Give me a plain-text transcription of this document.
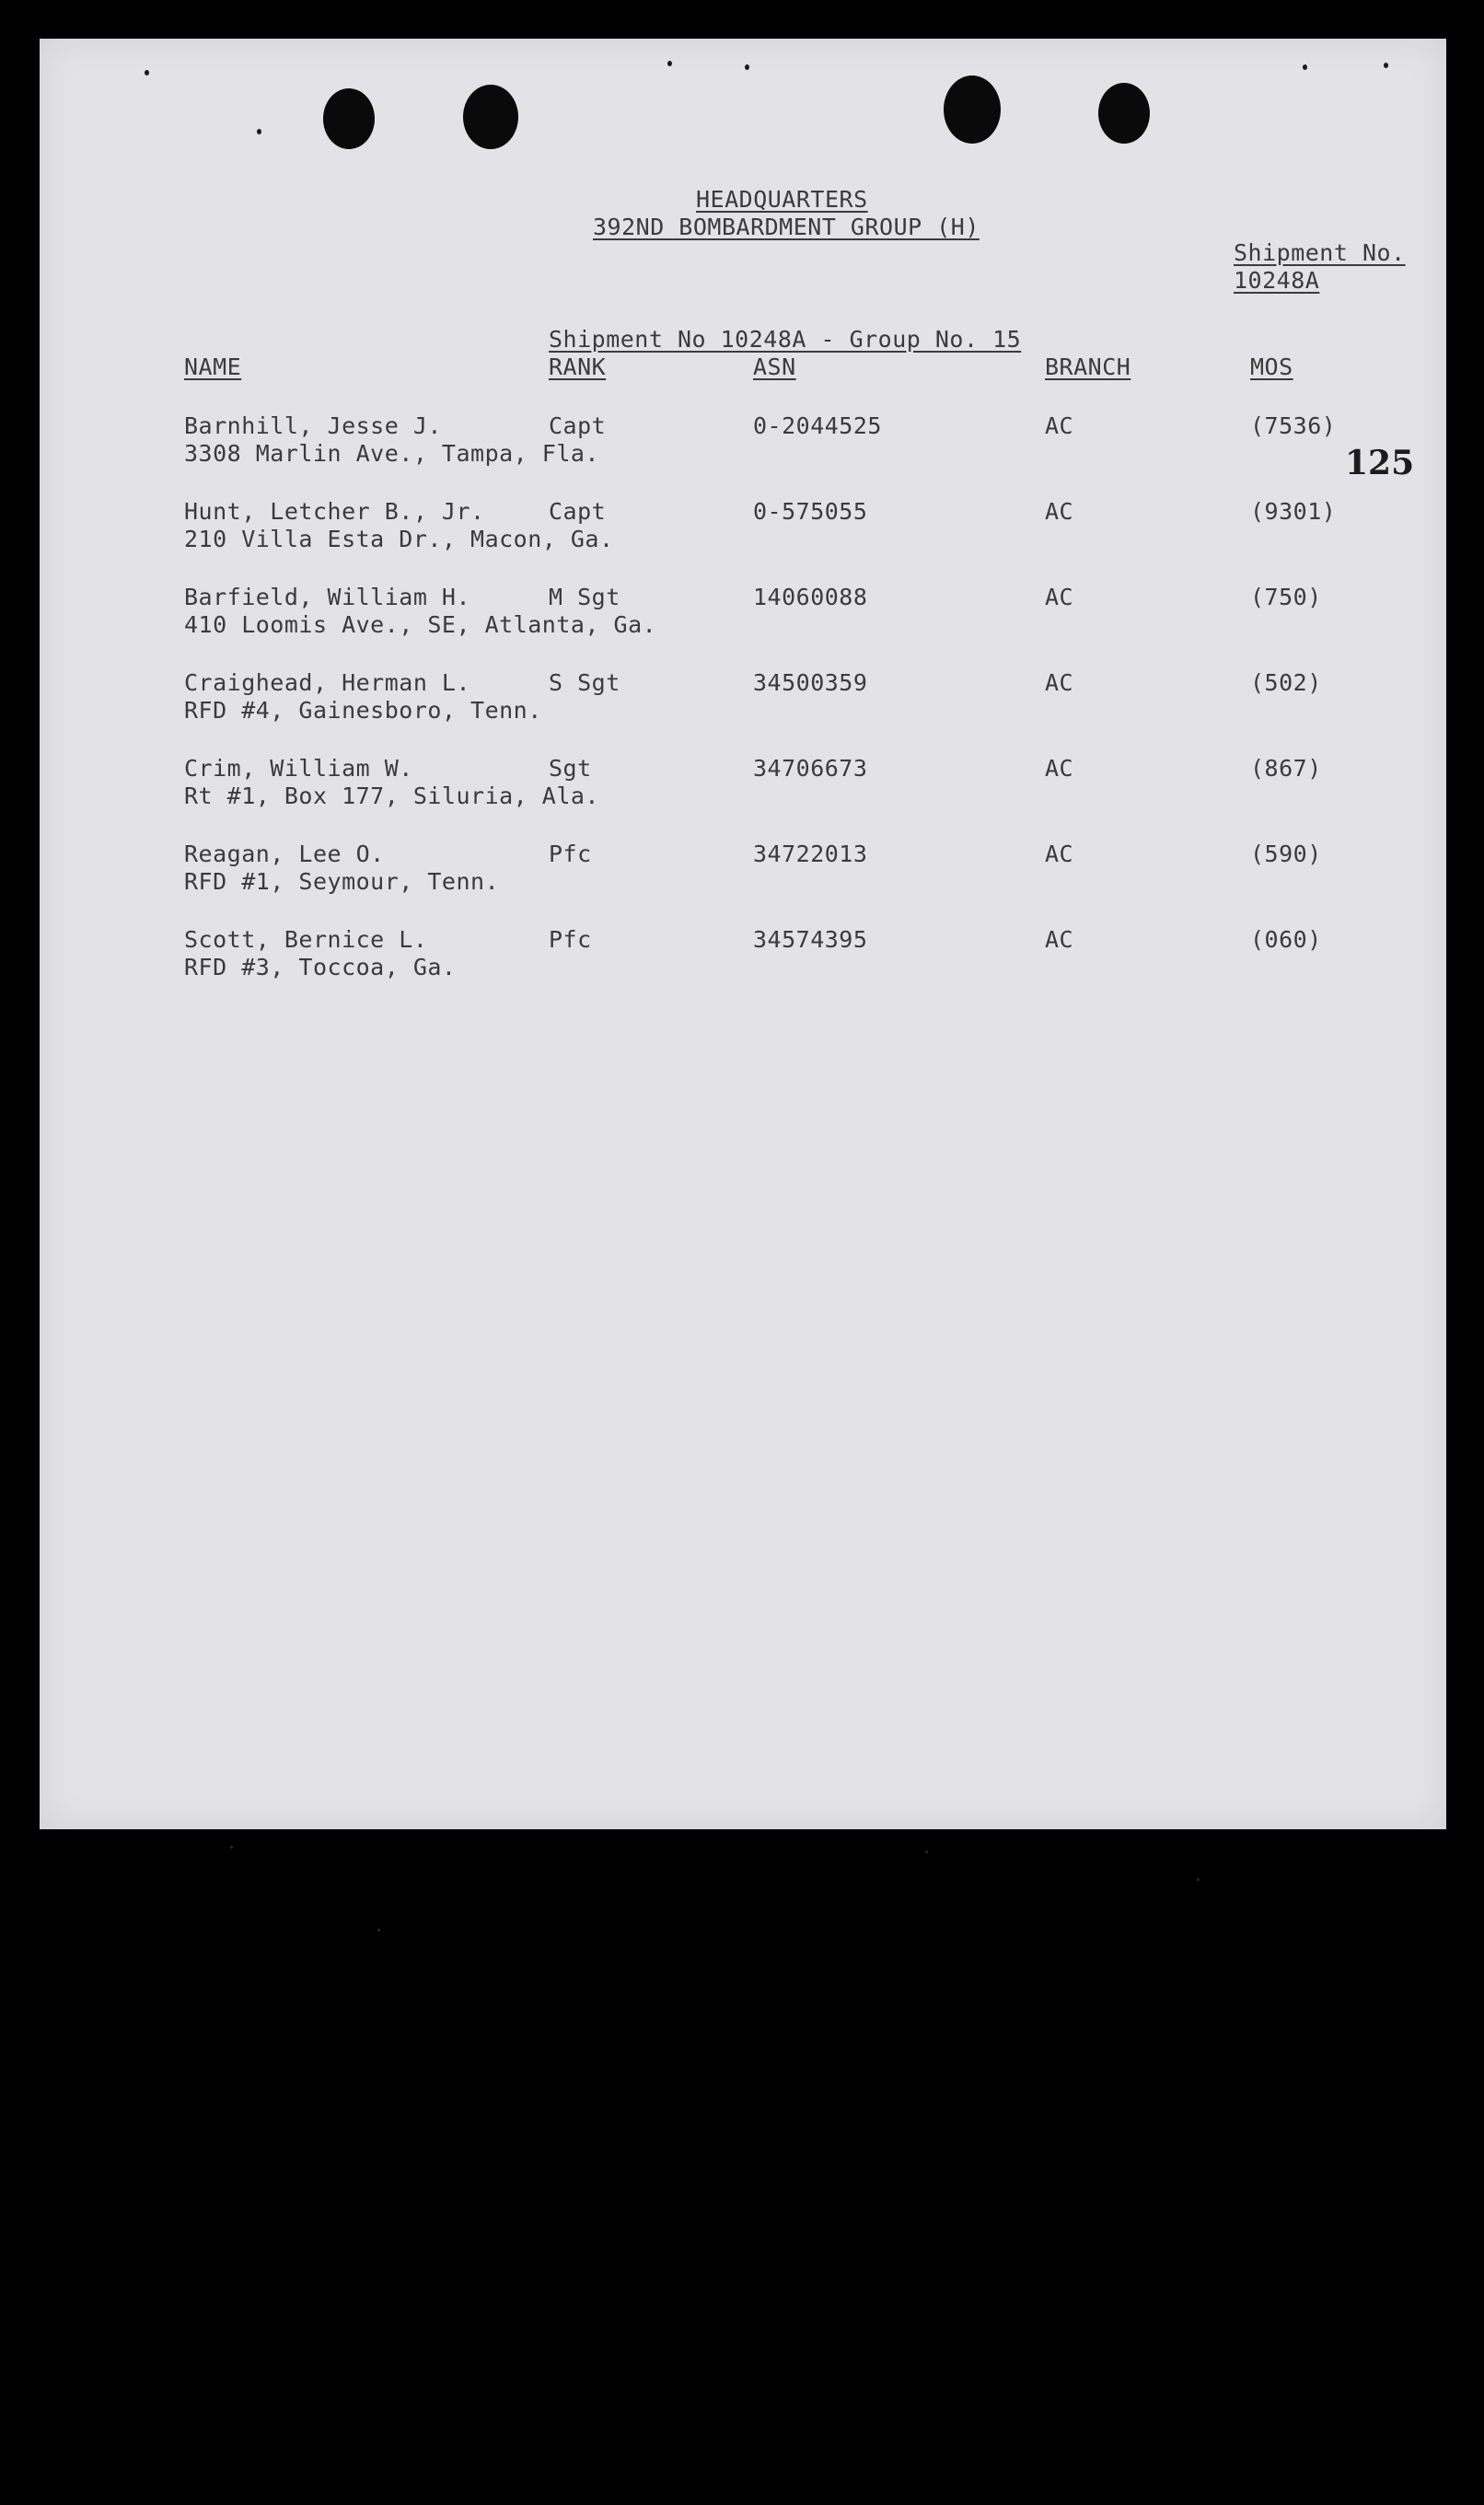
HEADQUARTERS
392ND BOMBARDMENT GROUP (H)
Shipment No.
10248A
125
Shipment No 10248A - Group No. 15
NAME	RANK	ASN	BRANCH	MOS
Barnhill, Jesse J.	Capt	0-2044525	AC	(7536)
3308 Marlin Ave., Tampa, Fla.
Hunt, Letcher B., Jr.	Capt	0-575055	AC	(9301)
210 Villa Esta Dr., Macon, Ga.
Barfield, William H.	M Sgt	14060088	AC	(750)
410 Loomis Ave., SE, Atlanta, Ga.
Craighead, Herman L.	S Sgt	34500359	AC	(502)
RFD #4, Gainesboro, Tenn.
Crim, William W.	Sgt	34706673	AC	(867)
Rt #1, Box 177, Siluria, Ala.
Reagan, Lee O.	Pfc	34722013	AC	(590)
RFD #1, Seymour, Tenn.
Scott, Bernice L.	Pfc	34574395	AC	(060)
RFD #3, Toccoa, Ga.
